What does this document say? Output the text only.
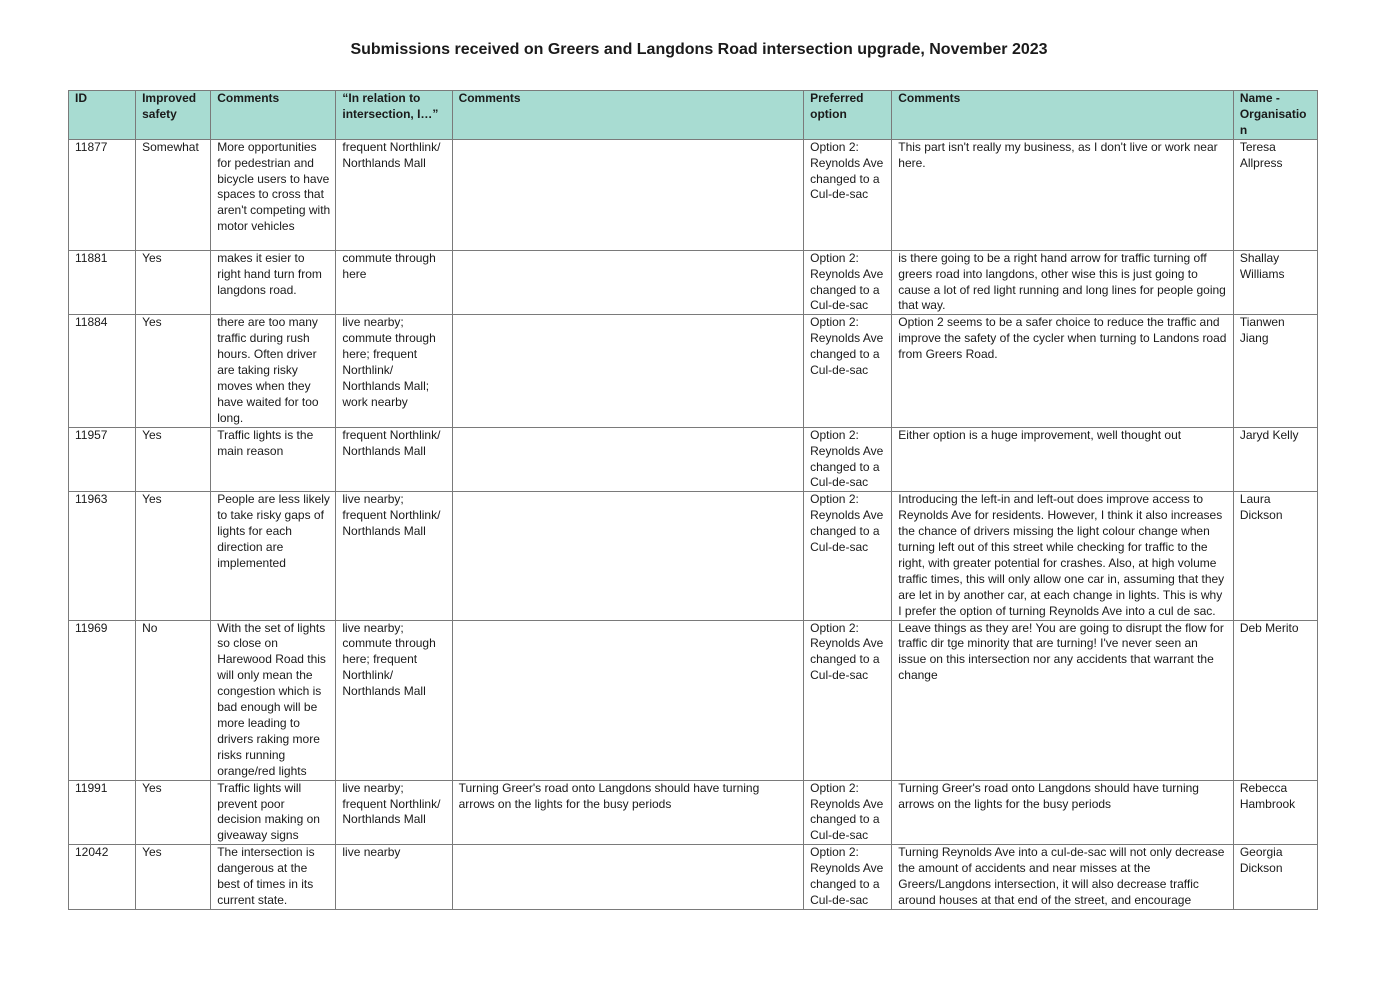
Submissions received on Greers and Langdons Road intersection upgrade, November 2023
ID	Improved safety	Comments	“In relation to intersection, I…”	Comments	Preferred option	Comments	Name - Organisation
11877	Somewhat	More opportunities for pedestrian and bicycle users to have spaces to cross that aren't competing with motor vehicles	frequent Northlink/ Northlands Mall		Option 2: Reynolds Ave changed to a Cul-de-sac	This part isn't really my business, as I don't live or work near here.	Teresa Allpress
11881	Yes	makes it esier to right hand turn from langdons road.	commute through here		Option 2: Reynolds Ave changed to a Cul-de-sac	is there going to be a right hand arrow for traffic turning off greers road into langdons, other wise this is just going to cause a lot of red light running and long lines for people going that way.	Shallay Williams
11884	Yes	there are too many traffic during rush hours. Often driver are taking risky moves when they have waited for too long.	live nearby; commute through here; frequent Northlink/ Northlands Mall; work nearby		Option 2: Reynolds Ave changed to a Cul-de-sac	Option 2 seems to be a safer choice to reduce the traffic and improve the safety of the cycler when turning to Landons road from Greers Road.	Tianwen Jiang
11957	Yes	Traffic lights is the main reason	frequent Northlink/ Northlands Mall		Option 2: Reynolds Ave changed to a Cul-de-sac	Either option is a huge improvement, well thought out	Jaryd Kelly
11963	Yes	People are less likely to take risky gaps of lights for each direction are implemented	live nearby; frequent Northlink/ Northlands Mall		Option 2: Reynolds Ave changed to a Cul-de-sac	Introducing the left-in and left-out does improve access to Reynolds Ave for residents. However, I think it also increases the chance of drivers missing the light colour change when turning left out of this street while checking for traffic to the right, with greater potential for crashes. Also, at high volume traffic times, this will only allow one car in, assuming that they are let in by another car, at each change in lights. This is why I prefer the option of turning Reynolds Ave into a cul de sac.	Laura Dickson
11969	No	With the set of lights so close on Harewood Road this will only mean the congestion which is bad enough will be more leading to drivers raking more risks running orange/red lights	live nearby; commute through here; frequent Northlink/ Northlands Mall		Option 2: Reynolds Ave changed to a Cul-de-sac	Leave things as they are! You are going to disrupt the flow for traffic dir tge minority that are turning! I've never seen an issue on this intersection nor any accidents that warrant the change	Deb Merito
11991	Yes	Traffic lights will prevent poor decision making on giveaway signs	live nearby; frequent Northlink/ Northlands Mall	Turning Greer's road onto Langdons should have turning arrows on the lights for the busy periods	Option 2: Reynolds Ave changed to a Cul-de-sac	Turning Greer's road onto Langdons should have turning arrows on the lights for the busy periods	Rebecca Hambrook
12042	Yes	The intersection is dangerous at the best of times in its current state.	live nearby		Option 2: Reynolds Ave changed to a Cul-de-sac	Turning Reynolds Ave into a cul-de-sac will not only decrease the amount of accidents and near misses at the Greers/Langdons intersection, it will also decrease traffic around houses at that end of the street, and encourage	Georgia Dickson
